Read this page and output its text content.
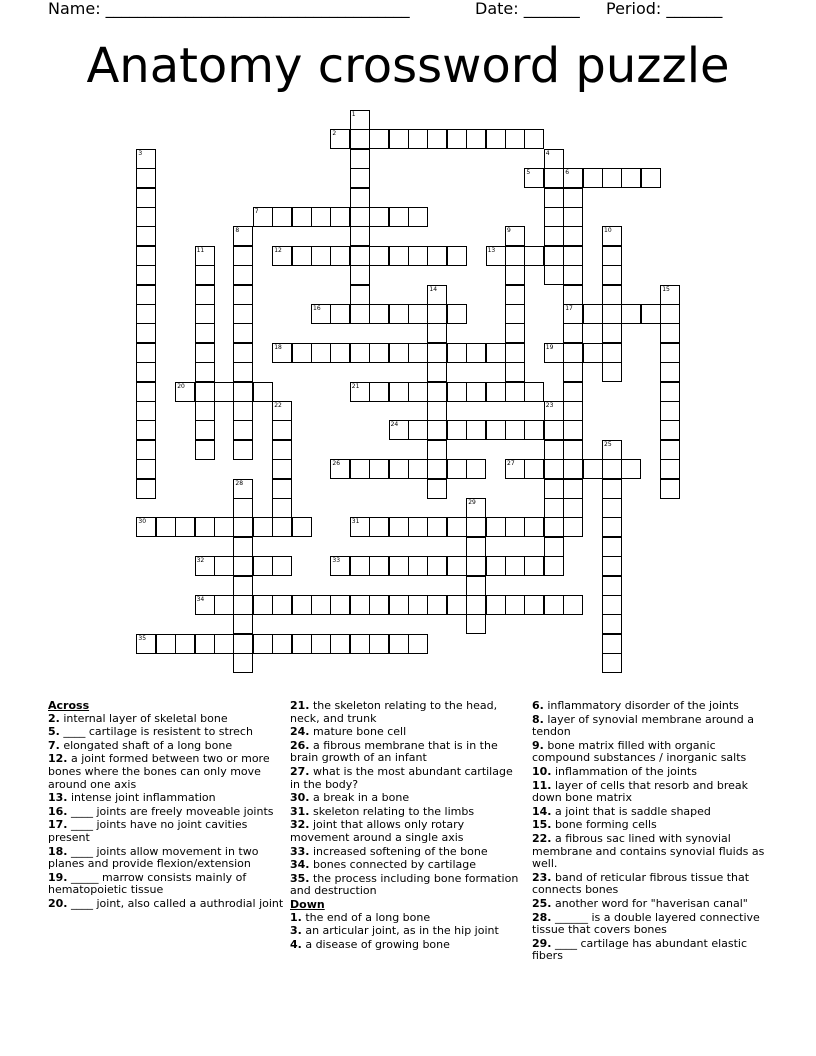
Name: ______________________________________	Date: _______ Period: _______
Anatomy crossword puzzle
1
2
3	4
5	6
17
7
8	9	10
11	12	13
14	15
16
18	19
20	21
22	23
24
25
26	27
28
29
30	31
32	33
34
35
Across
2. internal layer of skeletal bone
5. ____ cartilage is resistent to strech
7. elongated shaft of a long bone
12. a joint formed between two or more bones where the bones can only move around one axis
13. intense joint inflammation
16. ____ joints are freely moveable joints
17. ____ joints have no joint cavities present
18. ____ joints allow movement in two planes and provide flexion/extension
19. _____ marrow consists mainly of hematopoietic tissue
20. ____ joint, also called a authrodial joint
21. the skeleton relating to the head, neck, and trunk
24. mature bone cell
26. a fibrous membrane that is in the brain growth of an infant
27. what is the most abundant cartilage in the body?
30. a break in a bone
31. skeleton relating to the limbs
32. joint that allows only rotary movement around a single axis
33. increased softening of the bone
34. bones connected by cartilage
35. the process including bone formation and destruction
Down
1. the end of a long bone
3. an articular joint, as in the hip joint
4. a disease of growing bone
6. inflammatory disorder of the joints
8. layer of synovial membrane around a tendon
9. bone matrix filled with organic compound substances / inorganic salts
10. inflammation of the joints
11. layer of cells that resorb and break down bone matrix
14. a joint that is saddle shaped
15. bone forming cells
22. a fibrous sac lined with synovial membrane and contains synovial fluids as well.
23. band of reticular fibrous tissue that connects bones
25. another word for "haverisan canal"
28. ______ is a double layered connective tissue that covers bones
29. ____ cartilage has abundant elastic fibers
